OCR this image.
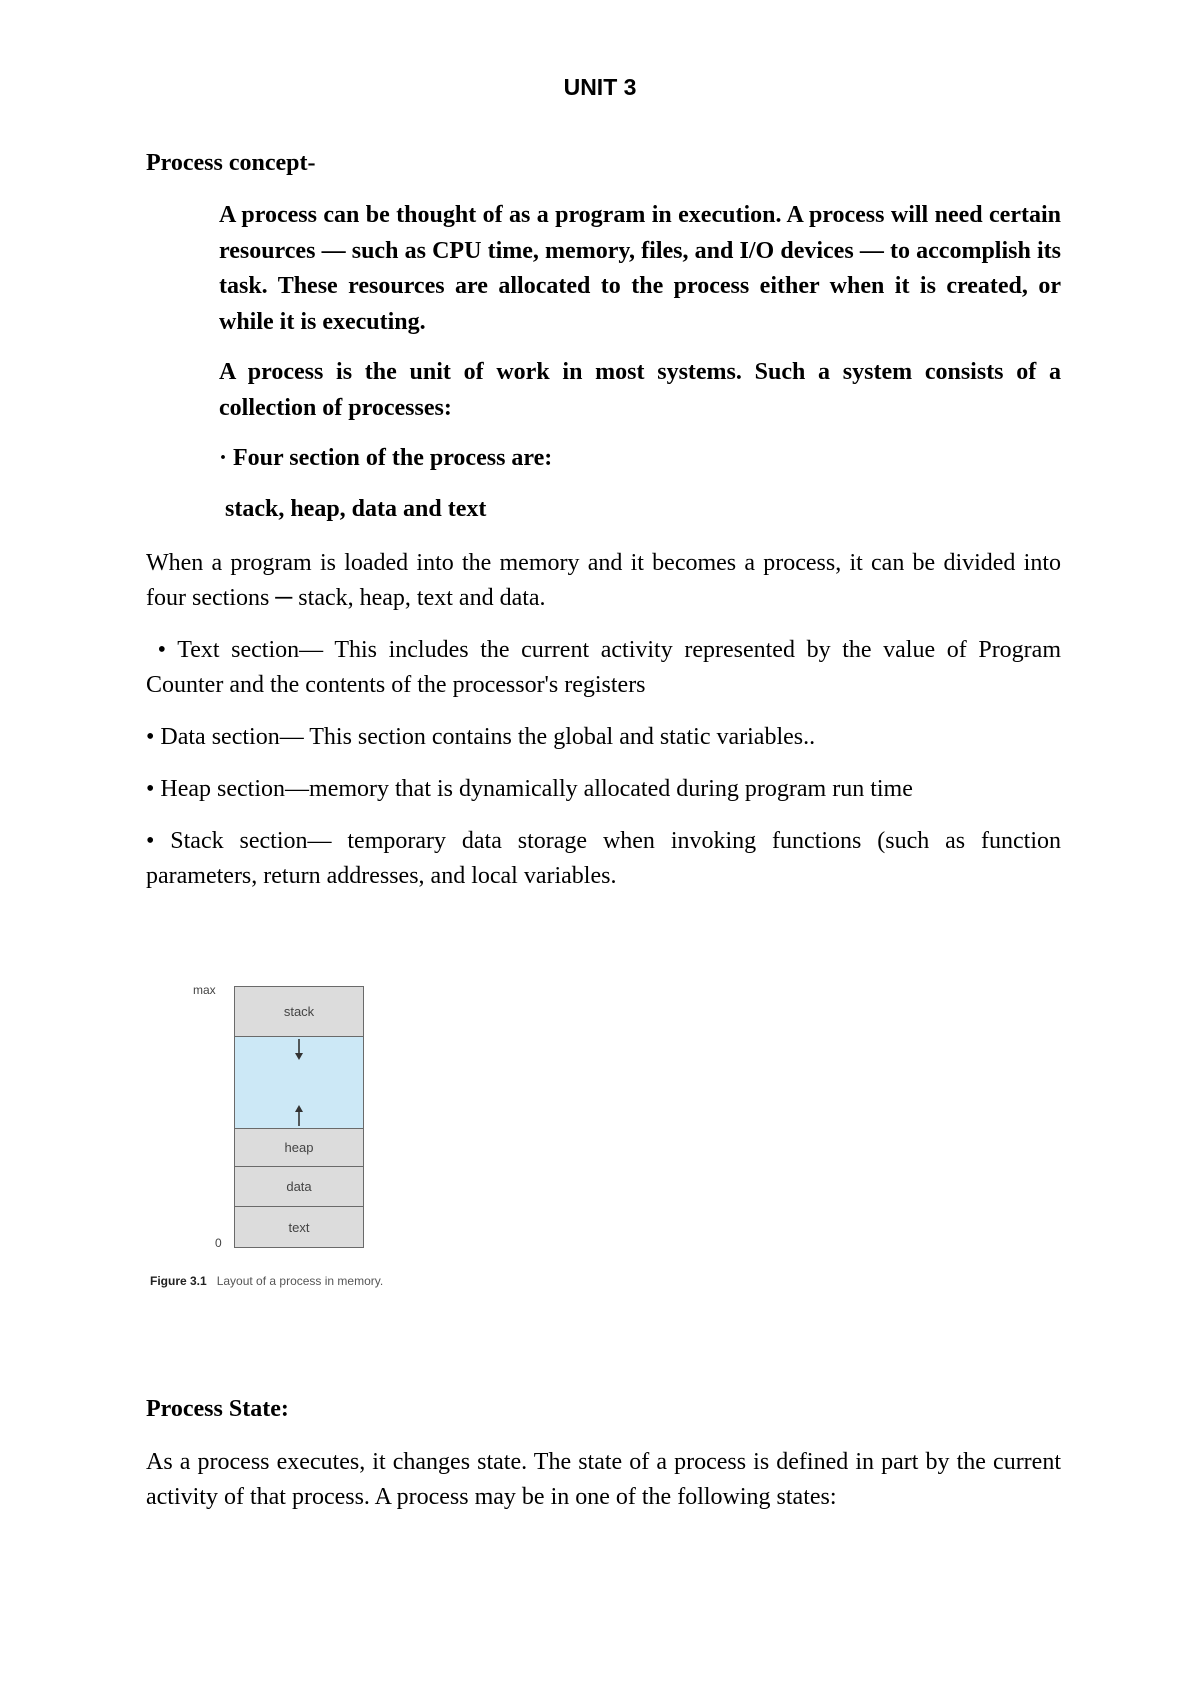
UNIT 3
Process concept-

A process can be thought of as a program in execution. A process will need certain resources — such as CPU time, memory, files, and I/O devices — to accomplish its task. These resources are allocated to the process either when it is created, or while it is executing.

A process is the unit of work in most systems. Such a system consists of a collection of processes:

· Four section of the process are:

stack, heap, data and text

When a program is loaded into the memory and it becomes a process, it can be divided into four sections ─ stack, heap, text and data.

• Text section— This includes the current activity represented by the value of Program Counter and the contents of the processor's registers

• Data section— This section contains the global and static variables..

• Heap section—memory that is dynamically allocated during program run time

• Stack section— temporary data storage when invoking functions (such as function parameters, return addresses, and local variables.

max
stack
heap
data
text
0
Figure 3.1 Layout of a process in memory.
Process State:

As a process executes, it changes state. The state of a process is defined in part by the current activity of that process. A process may be in one of the following states:
